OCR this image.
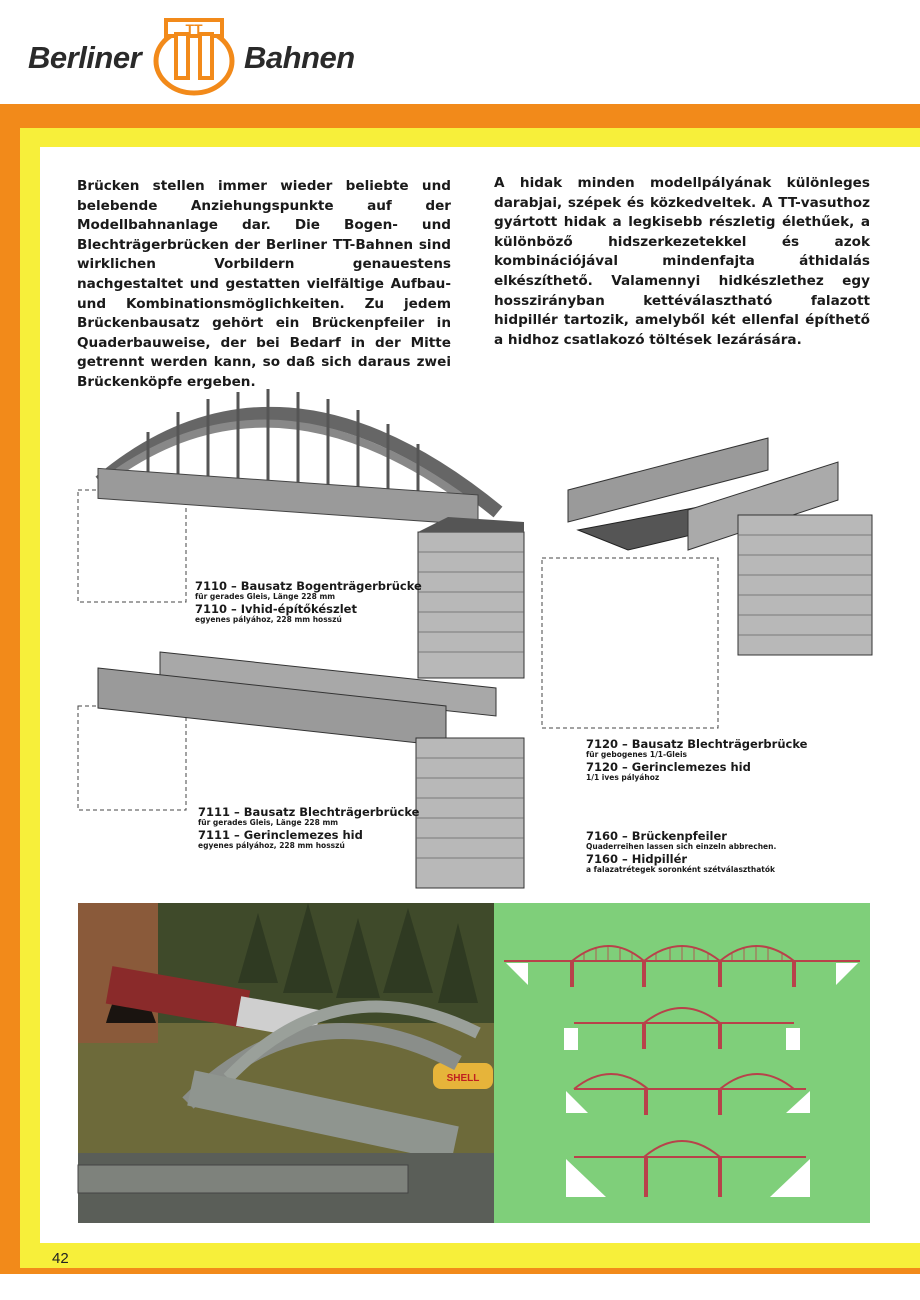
Berliner
TT
Bahnen
Brücken stellen immer wieder beliebte und belebende Anziehungspunkte auf der Modellbahnanlage dar. Die Bogen- und Blechträgerbrücken der Berliner TT-Bahnen sind wirklichen Vorbildern genauestens nachgestaltet und gestatten vielfältige Aufbau- und Kombinationsmöglichkeiten. Zu jedem Brückenbausatz gehört ein Brückenpfeiler in Quaderbauweise, der bei Bedarf in der Mitte getrennt werden kann, so daß sich daraus zwei Brückenköpfe ergeben.
A hidak minden modellpályának különleges darabjai, szépek és közkedveltek. A TT-vasuthoz gyártott hidak a legkisebb részletig élethűek, a különböző hidszerkezetekkel és azok kombinációjával mindenfajta áthidalás elkészíthető. Valamennyi hidkészlethez egy hosszirányban kettéválasztható falazott hidpillér tartozik, amelyből két ellenfal építhető a hidhoz csatlakozó töltések lezárására.
7110 – Bausatz Bogenträgerbrücke
für gerades Gleis, Länge 228 mm
7110 – Ivhid-építőkészlet
egyenes pályához, 228 mm hosszú
7111 – Bausatz Blechträgerbrücke
für gerades Gleis, Länge 228 mm
7111 – Gerinclemezes hid
egyenes pályához, 228 mm hosszú
7120 – Bausatz Blechträgerbrücke
für gebogenes 1/1-Gleis
7120 – Gerinclemezes hid
1/1 ives pályához
7160 – Brückenpfeiler
Quaderreihen lassen sich einzeln abbrechen.
7160 – Hidpillér
a falazatrétegek soronként szétválaszthatók
SHELL
42
berliner-tt-bahnen.info
